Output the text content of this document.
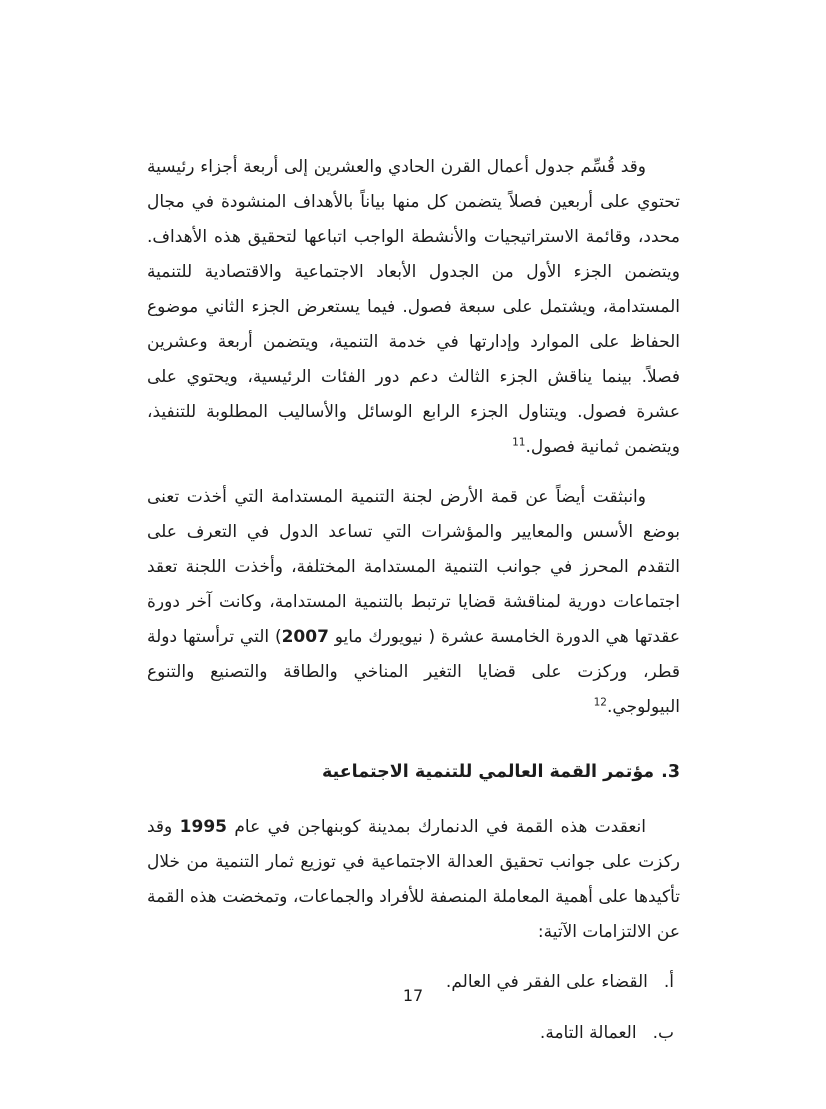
وقد قُسِّم جدول أعمال القرن الحادي والعشرين إلى أربعة أجزاء رئيسية تحتوي على أربعين فصلاً يتضمن كل منها بياناً بالأهداف المنشودة في مجال محدد، وقائمة الاستراتيجيات والأنشطة الواجب اتباعها لتحقيق هذه الأهداف. ويتضمن الجزء الأول من الجدول الأبعاد الاجتماعية والاقتصادية للتنمية المستدامة، ويشتمل على سبعة فصول. فيما يستعرض الجزء الثاني موضوع الحفاظ على الموارد وإدارتها في خدمة التنمية، ويتضمن أربعة وعشرين فصلاً. بينما يناقش الجزء الثالث دعم دور الفئات الرئيسية، ويحتوي على عشرة فصول. ويتناول الجزء الرابع الوسائل والأساليب المطلوبة للتنفيذ، ويتضمن ثمانية فصول.$^{11}$

وانبثقت أيضاً عن قمة الأرض لجنة التنمية المستدامة التي أخذت تعنى بوضع الأسس والمعايير والمؤشرات التي تساعد الدول في التعرف على التقدم المحرز في جوانب التنمية المستدامة المختلفة، وأخذت اللجنة تعقد اجتماعات دورية لمناقشة قضايا ترتبط بالتنمية المستدامة، وكانت آخر دورة عقدتها هي الدورة الخامسة عشرة ( نيويورك مايو 2007) التي ترأستها دولة قطر، وركزت على قضايا التغير المناخي والطاقة والتصنيع والتنوع البيولوجي.$^{12}$

3.مؤتمر القمة العالمي للتنمية الاجتماعية

انعقدت هذه القمة في الدنمارك بمدينة كوبنهاجن في عام 1995 وقد ركزت على جوانب تحقيق العدالة الاجتماعية في توزيع ثمار التنمية من خلال تأكيدها على أهمية المعاملة المنصفة للأفراد والجماعات، وتمخضت هذه القمة عن الالتزامات الآتية:

أ.
القضاء على الفقر في العالم.
ب.
العمالة التامة.
17
